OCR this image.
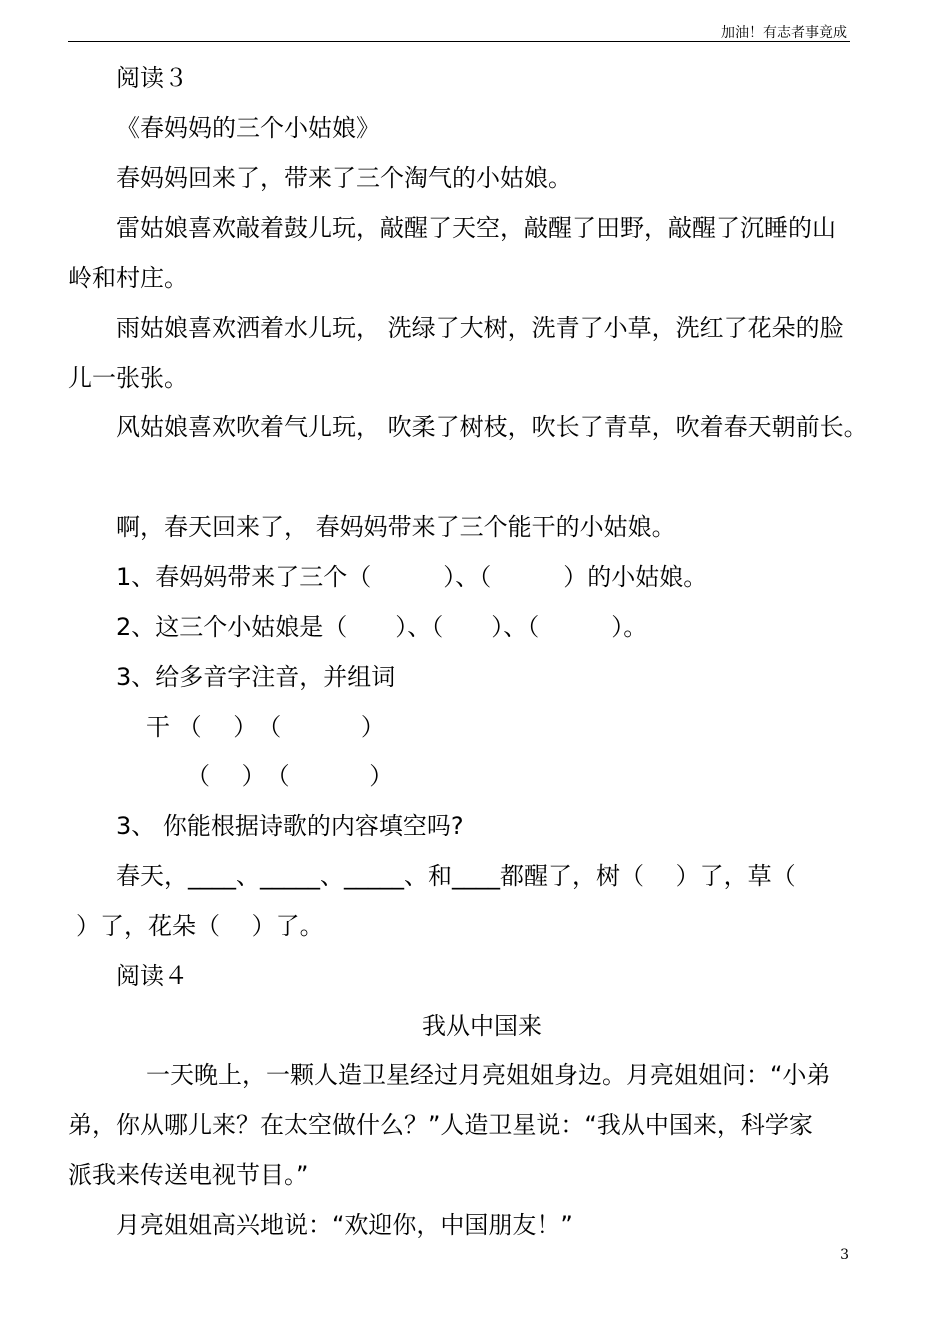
加油！有志者事竟成
阅读３
《春妈妈的三个小姑娘》
春妈妈回来了，带来了三个淘气的小姑娘。
雷姑娘喜欢敲着鼓儿玩，敲醒了天空，敲醒了田野，敲醒了沉睡的山
岭和村庄。
雨姑娘喜欢洒着水儿玩， 洗绿了大树，洗青了小草，洗红了花朵的脸
儿一张张。
风姑娘喜欢吹着气儿玩， 吹柔了树枝，吹长了青草，吹着春天朝前长。
啊，春天回来了， 春妈妈带来了三个能干的小姑娘。
1、春妈妈带来了三个（　　　）、（　　　）的小姑娘。
2、这三个小姑娘是（　　）、（　　）、（　　　）。
3、给多音字注音，并组词
干 （　 ）　（　　　 ）
（　 ）　（　　　 ）
3、 你能根据诗歌的内容填空吗?
春天，____、_____、_____、和____都醒了，树（　 ）了，草（
）了，花朵（　 ）了。
阅读４
我从中国来
一天晚上，一颗人造卫星经过月亮姐姐身边。月亮姐姐问：“小弟
弟，你从哪儿来？在太空做什么？”人造卫星说：“我从中国来，科学家
派我来传送电视节目。”
月亮姐姐高兴地说：“欢迎你，中国朋友！”
3
